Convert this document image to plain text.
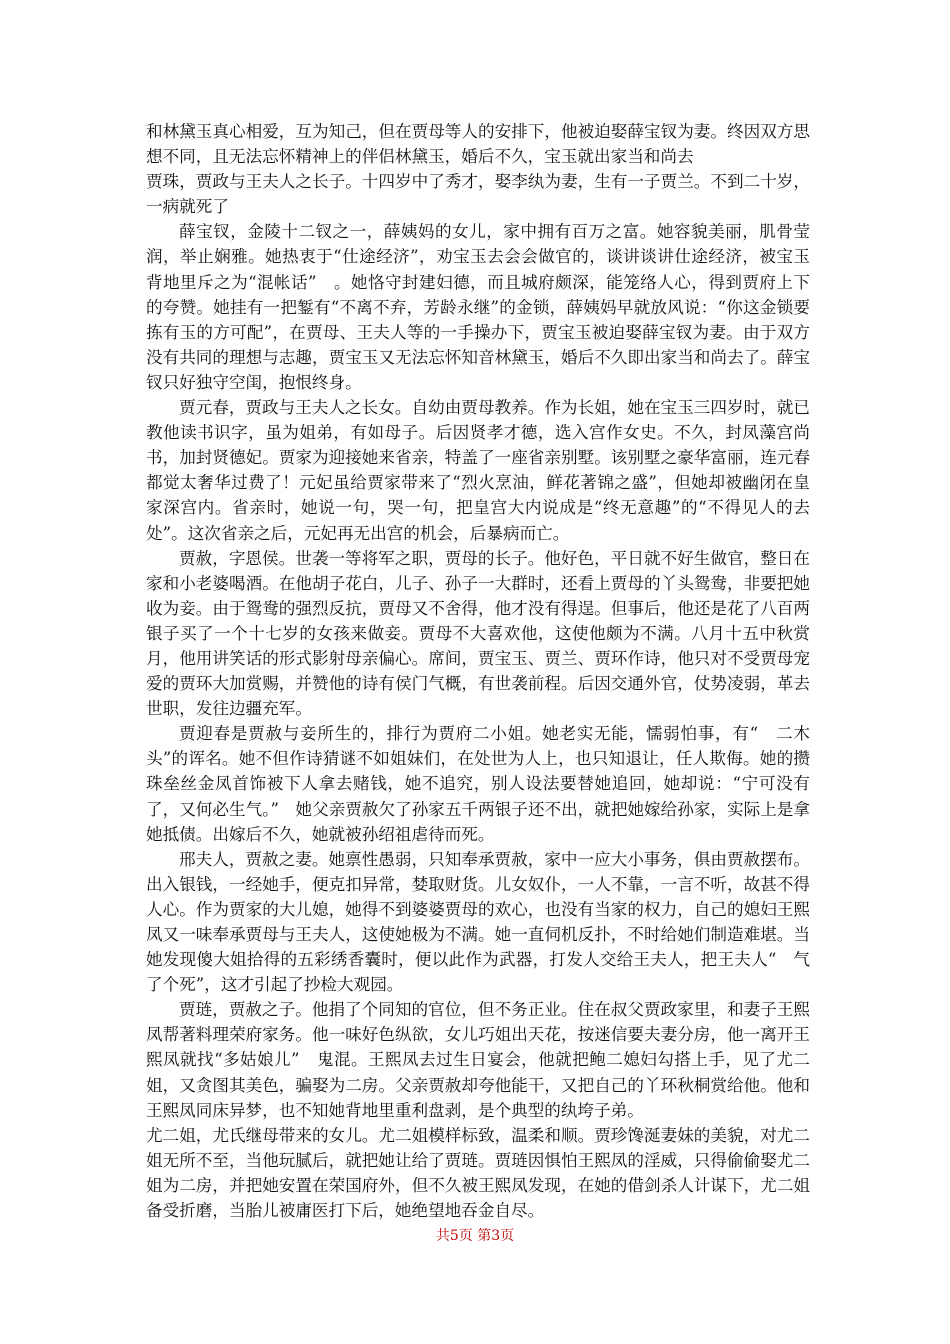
和林黛玉真心相爱，互为知己，但在贾母等人的安排下，他被迫娶薛宝钗为妻。终因双方思想不同，且无法忘怀精神上的伴侣林黛玉，婚后不久，宝玉就出家当和尚去

贾珠，贾政与王夫人之长子。十四岁中了秀才，娶李纨为妻，生有一子贾兰。不到二十岁，一病就死了

薛宝钗，金陵十二钗之一，薛姨妈的女儿，家中拥有百万之富。她容貌美丽，肌骨莹润，举止娴雅。她热衷于“仕途经济”，劝宝玉去会会做官的，谈讲谈讲仕途经济，被宝玉背地里斥之为“混帐话”　。她恪守封建妇德，而且城府颇深，能笼络人心，得到贾府上下的夸赞。她挂有一把錾有“不离不弃，芳龄永继”的金锁，薛姨妈早就放风说：“你这金锁要拣有玉的方可配”，在贾母、王夫人等的一手操办下，贾宝玉被迫娶薛宝钗为妻。由于双方没有共同的理想与志趣，贾宝玉又无法忘怀知音林黛玉，婚后不久即出家当和尚去了。薛宝钗只好独守空闺，抱恨终身。

贾元春，贾政与王夫人之长女。自幼由贾母教养。作为长姐，她在宝玉三四岁时，就已教他读书识字，虽为姐弟，有如母子。后因贤孝才德，选入宫作女史。不久，封凤藻宫尚书，加封贤德妃。贾家为迎接她来省亲，特盖了一座省亲别墅。该别墅之豪华富丽，连元春都觉太奢华过费了！元妃虽给贾家带来了“烈火烹油，鲜花著锦之盛”，但她却被幽闭在皇家深宫内。省亲时，她说一句，哭一句，把皇宫大内说成是“终无意趣”的“不得见人的去处”。这次省亲之后，元妃再无出宫的机会，后暴病而亡。

贾赦，字恩侯。世袭一等将军之职，贾母的长子。他好色，平日就不好生做官，整日在家和小老婆喝酒。在他胡子花白，儿子、孙子一大群时，还看上贾母的丫头鸳鸯，非要把她收为妾。由于鸳鸯的强烈反抗，贾母又不舍得，他才没有得逞。但事后，他还是花了八百两银子买了一个十七岁的女孩来做妾。贾母不大喜欢他，这使他颇为不满。八月十五中秋赏月，他用讲笑话的形式影射母亲偏心。席间，贾宝玉、贾兰、贾环作诗，他只对不受贾母宠爱的贾环大加赏赐，并赞他的诗有侯门气概，有世袭前程。后因交通外官，仗势凌弱，革去世职，发往边疆充军。

贾迎春是贾赦与妾所生的，排行为贾府二小姐。她老实无能，懦弱怕事，有“　二木头”的诨名。她不但作诗猜谜不如姐妹们，在处世为人上，也只知退让，任人欺侮。她的攒珠垒丝金凤首饰被下人拿去赌钱，她不追究，别人设法要替她追回，她却说：“宁可没有了，又何必生气。”　她父亲贾赦欠了孙家五千两银子还不出，就把她嫁给孙家，实际上是拿她抵债。出嫁后不久，她就被孙绍祖虐待而死。

邢夫人，贾赦之妻。她禀性愚弱，只知奉承贾赦，家中一应大小事务，俱由贾赦摆布。出入银钱，一经她手，便克扣异常，婪取财货。儿女奴仆，一人不靠，一言不听，故甚不得人心。作为贾家的大儿媳，她得不到婆婆贾母的欢心，也没有当家的权力，自己的媳妇王熙凤又一味奉承贾母与王夫人，这使她极为不满。她一直伺机反扑，不时给她们制造难堪。当她发现傻大姐拾得的五彩绣香囊时，便以此作为武器，打发人交给王夫人，把王夫人“　气了个死”，这才引起了抄检大观园。

贾琏，贾赦之子。他捐了个同知的官位，但不务正业。住在叔父贾政家里，和妻子王熙凤帮著料理荣府家务。他一味好色纵欲，女儿巧姐出天花，按迷信要夫妻分房，他一离开王熙凤就找“多姑娘儿”　鬼混。王熙凤去过生日宴会，他就把鲍二媳妇勾搭上手，见了尤二姐，又贪图其美色，骗娶为二房。父亲贾赦却夸他能干，又把自己的丫环秋桐赏给他。他和王熙凤同床异梦，也不知她背地里重利盘剥，是个典型的纨垮子弟。

尤二姐，尤氏继母带来的女儿。尤二姐模样标致，温柔和顺。贾珍馋涎妻妹的美貌，对尤二姐无所不至，当他玩腻后，就把她让给了贾琏。贾琏因惧怕王熙凤的淫威，只得偷偷娶尤二姐为二房，并把她安置在荣国府外，但不久被王熙凤发现，在她的借剑杀人计谋下，尤二姐备受折磨，当胎儿被庸医打下后，她绝望地吞金自尽。

共5页 第3页
